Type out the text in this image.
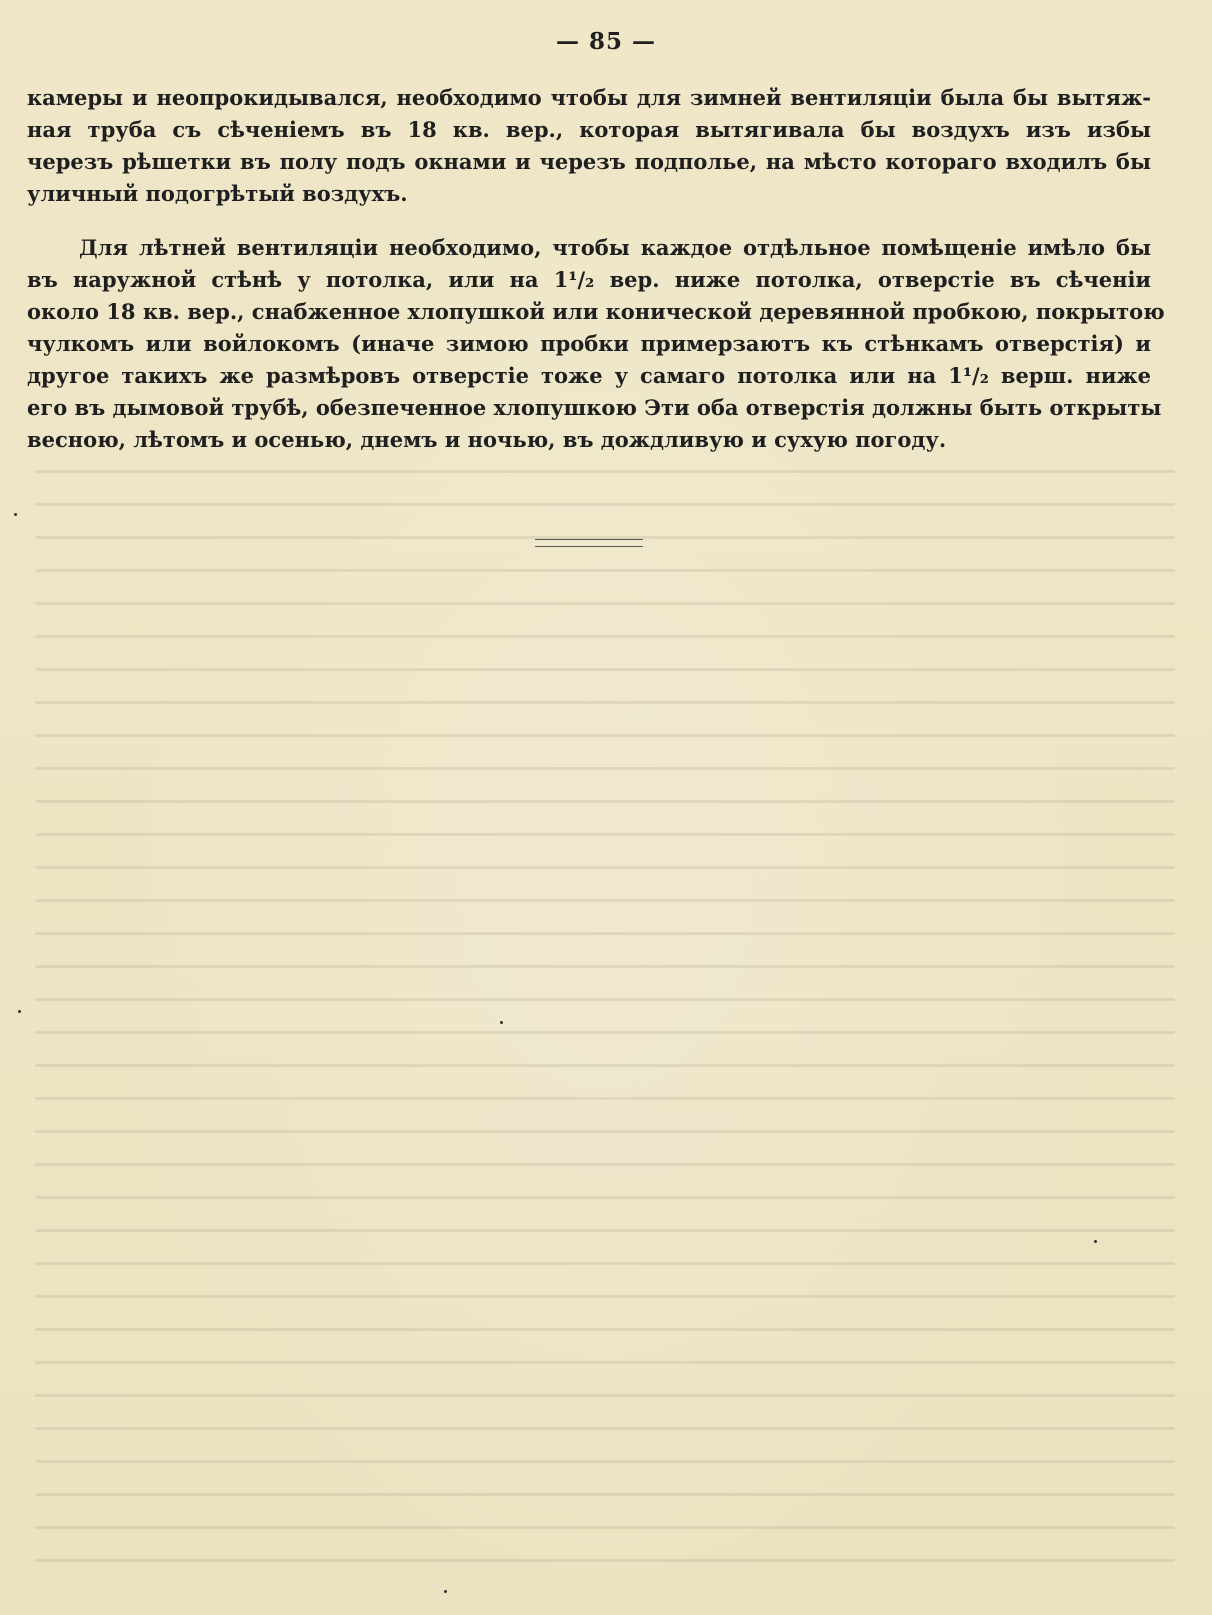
— 85 —
камеры и неопрокидывался, необходимо чтобы для зимней вентиляціи была бы вытяж-
ная труба съ сѣченіемъ въ 18 кв. вер., которая вытягивала бы воздухъ изъ избы
черезъ рѣшетки въ полу подъ окнами и черезъ подполье, на мѣсто котораго входилъ бы
уличный подогрѣтый воздухъ.
Для лѣтней вентиляціи необходимо, чтобы каждое отдѣльное помѣщеніе имѣло бы
въ наружной стѣнѣ у потолка, или на 1¹/₂ вер. ниже потолка, отверстіе въ сѣченіи
около 18 кв. вер., снабженное хлопушкой или конической деревянной пробкою, покрытою
чулкомъ или войлокомъ (иначе зимою пробки примерзаютъ къ стѣнкамъ отверстія) и
другое такихъ же размѣровъ отверстіе тоже у самаго потолка или на 1¹/₂ верш. ниже
его въ дымовой трубѣ, обезпеченное хлопушкою Эти оба отверстія должны быть открыты
весною, лѣтомъ и осенью, днемъ и ночью, въ дождливую и сухую погоду.
